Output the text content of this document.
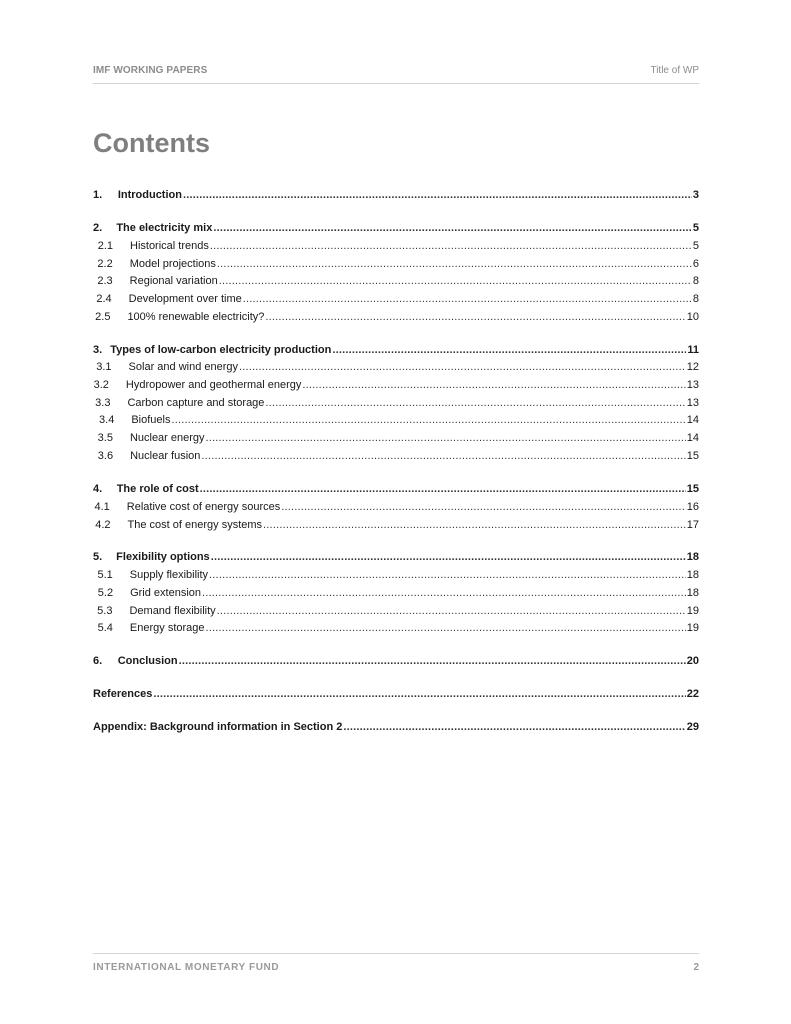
IMF WORKING PAPERS	Title of WP
Contents
1.	Introduction .....	3
2.	The electricity mix .....	5
2.1	Historical trends .....	5
2.2	Model projections .....	6
2.3	Regional variation .....	8
2.4	Development over time .....	8
2.5	100% renewable electricity? .....	10
3. Types of low-carbon electricity production .....	11
3.1	Solar and wind energy .....	12
3.2	Hydropower and geothermal energy .....	13
3.3	Carbon capture and storage .....	13
3.4	Biofuels .....	14
3.5	Nuclear energy .....	14
3.6	Nuclear fusion .....	15
4.	The role of cost .....	15
4.1	Relative cost of energy sources .....	16
4.2	The cost of energy systems .....	17
5.	Flexibility options .....	18
5.1	Supply flexibility .....	18
5.2	Grid extension .....	18
5.3	Demand flexibility .....	19
5.4	Energy storage .....	19
6.	Conclusion .....	20
References .....	22
Appendix: Background information in Section 2 .....	29
INTERNATIONAL MONETARY FUND	2
